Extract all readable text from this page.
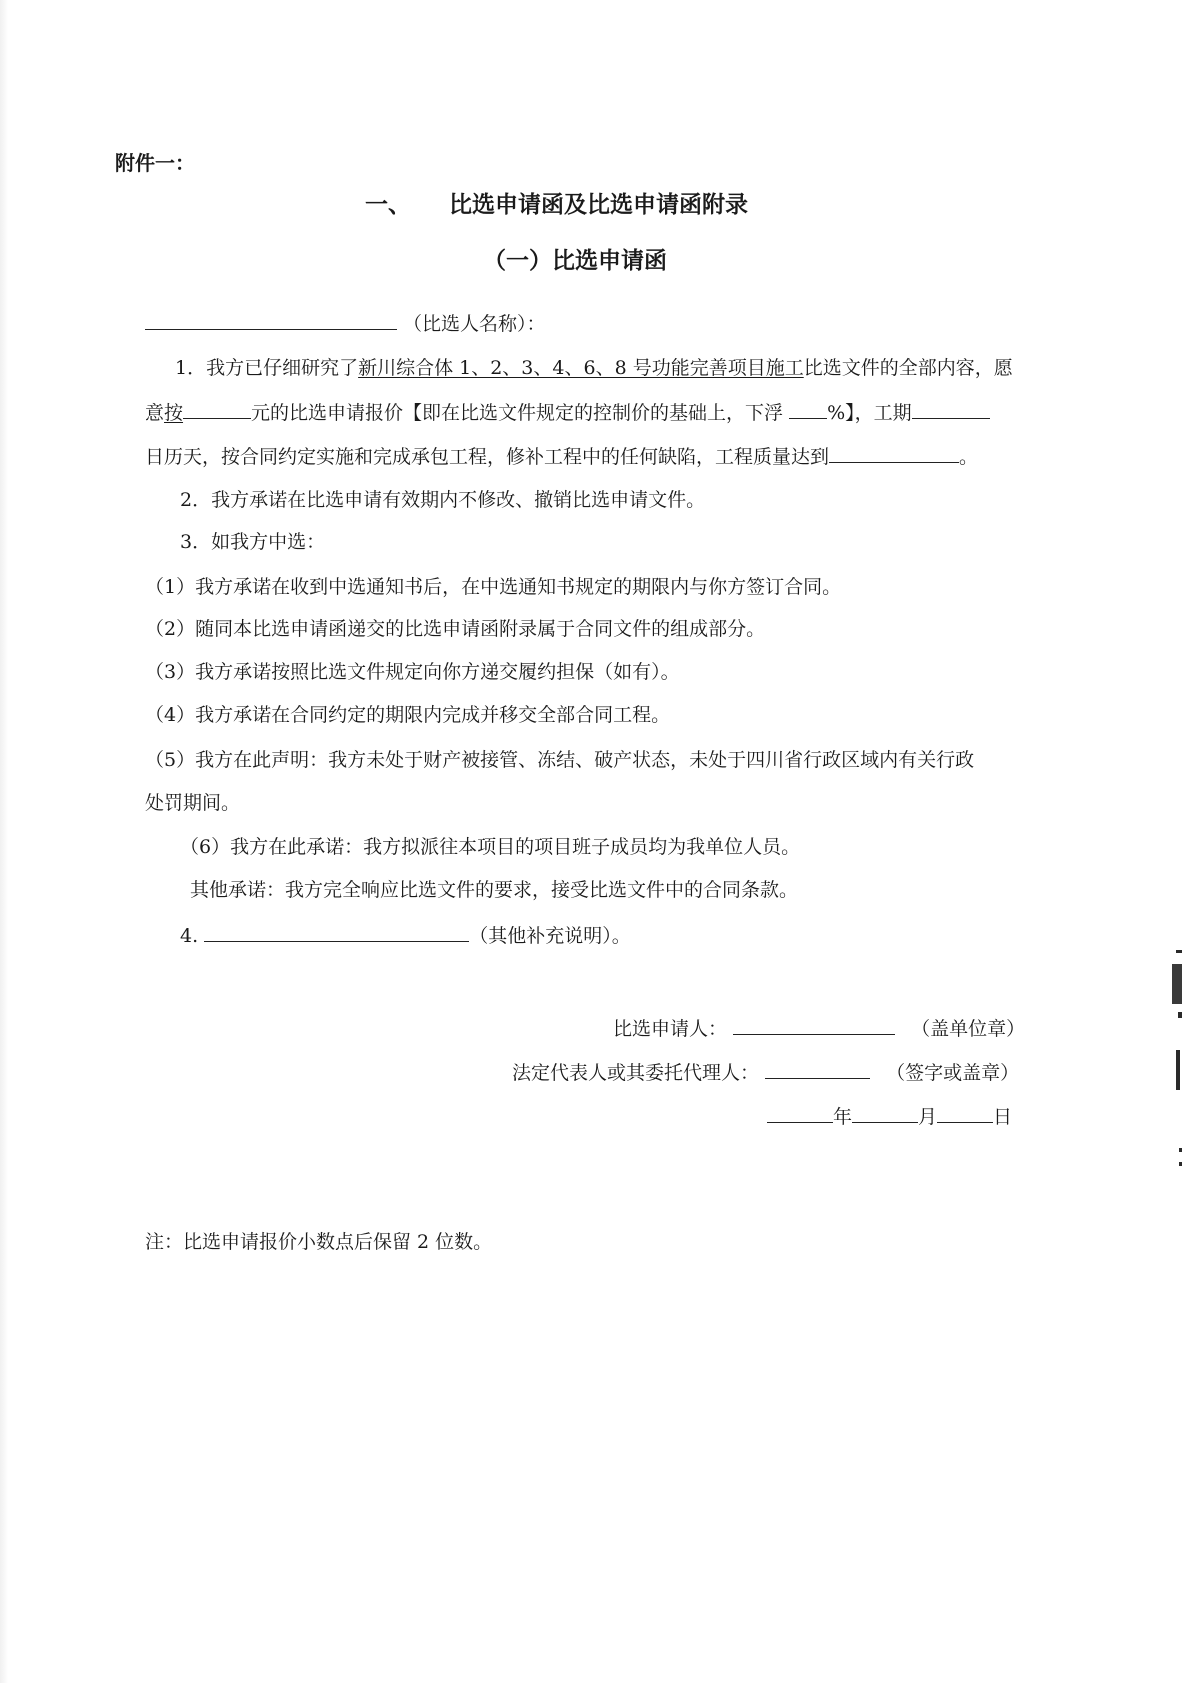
附件一：
一、 比选申请函及比选申请函附录
（一）比选申请函
（比选人名称）：
1．我方已仔细研究了新川综合体 1、2、3、4、6、8 号功能完善项目施工比选文件的全部内容，愿
意按	元的比选申请报价【即在比选文件规定的控制价的基础上，下浮 %】，工期
日历天，按合同约定实施和完成承包工程，修补工程中的任何缺陷，工程质量达到	。
2．我方承诺在比选申请有效期内不修改、撤销比选申请文件。
3．如我方中选：
（1）我方承诺在收到中选通知书后，在中选通知书规定的期限内与你方签订合同。
（2）随同本比选申请函递交的比选申请函附录属于合同文件的组成部分。
（3）我方承诺按照比选文件规定向你方递交履约担保（如有）。
（4）我方承诺在合同约定的期限内完成并移交全部合同工程。
（5）我方在此声明：我方未处于财产被接管、冻结、破产状态，未处于四川省行政区域内有关行政
处罚期间。
（6）我方在此承诺：我方拟派往本项目的项目班子成员均为我单位人员。
其他承诺：我方完全响应比选文件的要求，接受比选文件中的合同条款。
4.	（其他补充说明）。
比选申请人：	（盖单位章）
法定代表人或其委托代理人：	（签字或盖章）
年	月	日
注：比选申请报价小数点后保留 2 位数。
